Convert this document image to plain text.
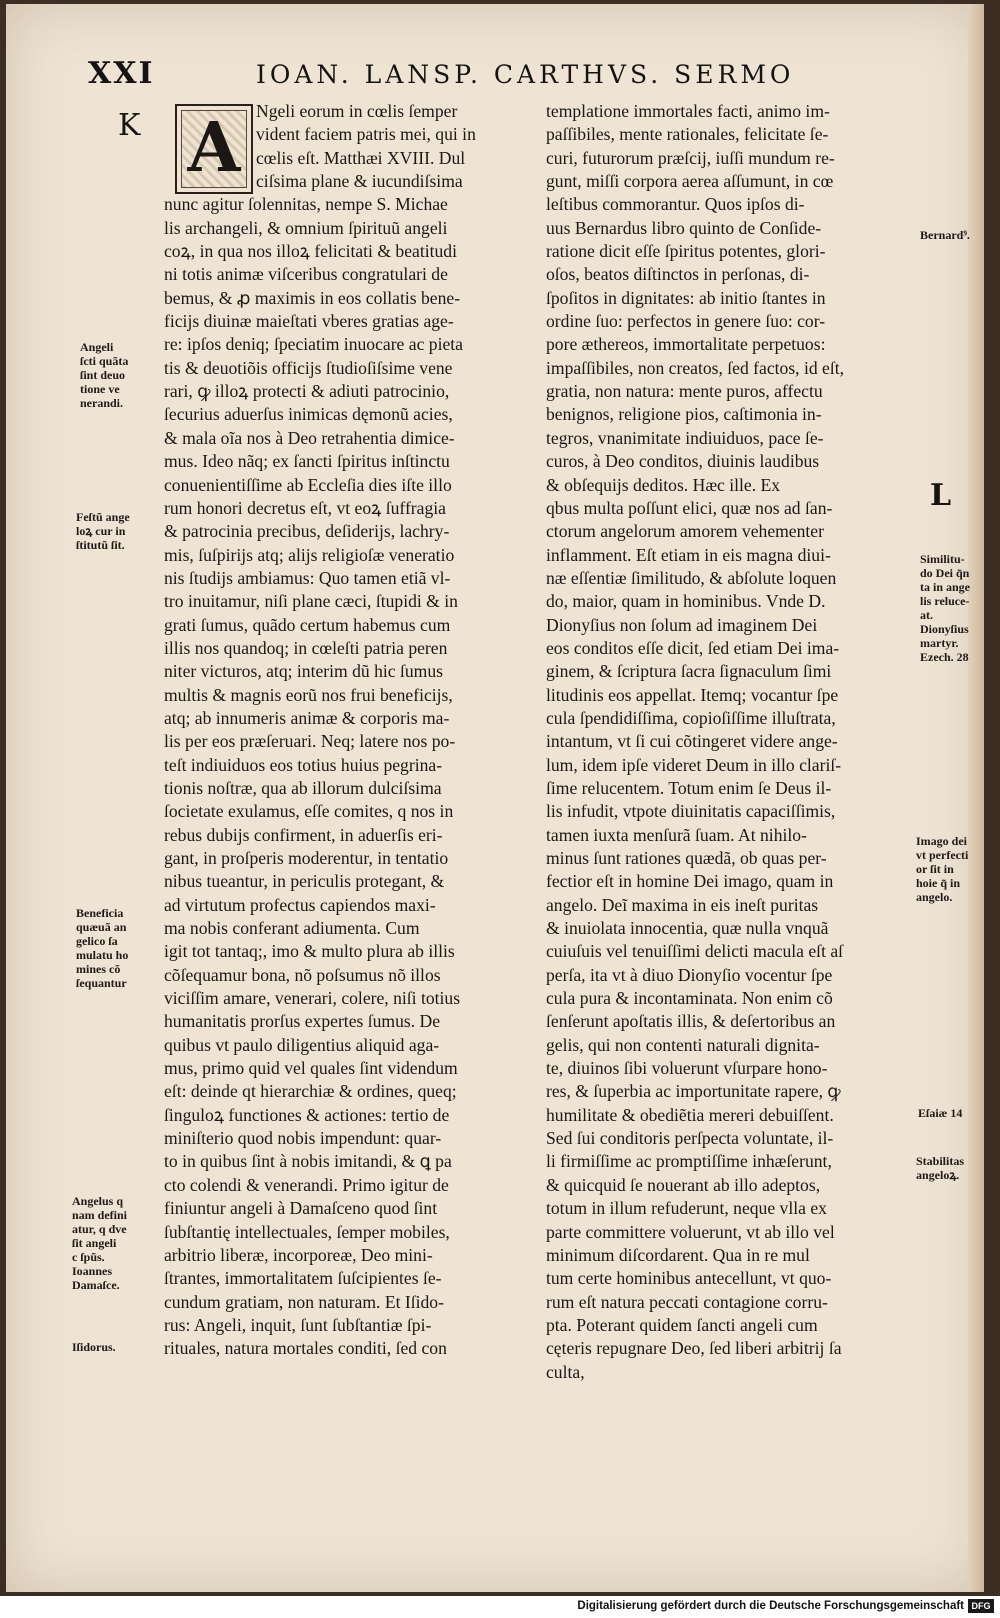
XXI	IOAN. LANSP. CARTHVS. SERMO
K
L
A Ngeli eorum in cœlis ſemper
vident faciem patris mei, qui in
cœlis eſt. Matthæi XVIII. Dul
ciſsima plane & iucundiſsima
nunc agitur ſolennitas, nempe S. Michae
lis archangeli, & omnium ſpirituũ angeli
coꝝ, in qua nos illoꝝ felicitati & beatitudi
ni totis animæ viſceribus congratulari de
bemus, & ꝓ maximis in eos collatis bene-
ficijs diuinæ maieſtati vberes gratias age-
re: ipſos deniq; ſpeciatim inuocare ac pieta
tis & deuotiõis officijs ſtudioſiſsime vene
rari, ꝙ illoꝝ protecti & adiuti patrocinio,
ſecurius aduerſus inimicas dęmonũ acies,
& mala oĩa nos à Deo retrahentia dimice-
mus. Ideo nãq; ex ſancti ſpiritus inſtinctu
conuenientiſſime ab Eccleſia dies iſte illo
rum honori decretus eſt, vt eoꝝ ſuffragia
& patrocinia precibus, deſiderijs, lachry-
mis, ſuſpirijs atq; alijs religioſæ veneratio
nis ſtudijs ambiamus: Quo tamen etiã vl-
tro inuitamur, niſi plane cæci, ſtupidi & in
grati ſumus, quãdo certum habemus cum
illis nos quandoq; in cœleſti patria peren
niter victuros, atq; interim dũ hic ſumus
multis & magnis eorũ nos frui beneficijs,
atq; ab innumeris animæ & corporis ma-
lis per eos præſeruari. Neq; latere nos po-
teſt indiuiduos eos totius huius pegrina-
tionis noſtræ, qua ab illorum dulciſsima
ſocietate exulamus, eſſe comites, q nos in
rebus dubijs confirment, in aduerſis eri-
gant, in proſperis moderentur, in tentatio
nibus tueantur, in periculis protegant, &
ad virtutum profectus capiendos maxi-
ma nobis conferant adiumenta. Cum
igit tot tantaq;, imo & multo plura ab illis
cõſequamur bona, nõ poſsumus nõ illos
viciſſim amare, venerari, colere, niſi totius
humanitatis prorſus expertes ſumus. De
quibus vt paulo diligentius aliquid aga-
mus, primo quid vel quales ſint videndum
eſt: deinde qt hierarchiæ & ordines, queq;
ſinguloꝝ functiones & actiones: tertio de
miniſterio quod nobis impendunt: quar-
to in quibus ſint à nobis imitandi, & ꝗ pa
cto colendi & venerandi. Primo igitur de
finiuntur angeli à Damaſceno quod ſint
ſubſtantię intellectuales, ſemper mobiles,
arbitrio liberæ, incorporeæ, Deo mini-
ſtrantes, immortalitatem ſuſcipientes ſe-
cundum gratiam, non naturam. Et Iſido-
rus: Angeli, inquit, ſunt ſubſtantiæ ſpi-
rituales, natura mortales conditi, ſed con
templatione immortales facti, animo im-
paſſibiles, mente rationales, felicitate ſe-
curi, futurorum præſcij, iuſſi mundum re-
gunt, miſſi corpora aerea aſſumunt, in cœ
leſtibus commorantur. Quos ipſos di-
uus Bernardus libro quinto de Conſide-
ratione dicit eſſe ſpiritus potentes, glori-
oſos, beatos diſtinctos in perſonas, di-
ſpoſitos in dignitates: ab initio ſtantes in
ordine ſuo: perfectos in genere ſuo: cor-
pore æthereos, immortalitate perpetuos:
impaſſibiles, non creatos, ſed factos, id eſt,
gratia, non natura: mente puros, affectu
benignos, religione pios, caſtimonia in-
tegros, vnanimitate indiuiduos, pace ſe-
curos, à Deo conditos, diuinis laudibus
& obſequijs deditos. Hæc ille. Ex
qbus multa poſſunt elici, quæ nos ad ſan-
ctorum angelorum amorem vehementer
inflamment. Eſt etiam in eis magna diui-
næ eſſentiæ ſimilitudo, & abſolute loquen
do, maior, quam in hominibus. Vnde D.
Dionyſius non ſolum ad imaginem Dei
eos conditos eſſe dicit, ſed etiam Dei ima-
ginem, & ſcriptura ſacra ſignaculum ſimi
litudinis eos appellat. Itemq; vocantur ſpe
cula ſpendidiſſima, copioſiſſime illuſtrata,
intantum, vt ſi cui cõtingeret videre ange-
lum, idem ipſe videret Deum in illo clariſ-
ſime relucentem. Totum enim ſe Deus il-
lis infudit, vtpote diuinitatis capaciſſimis,
tamen iuxta menſurã ſuam. At nihilo-
minus ſunt rationes quædã, ob quas per-
fectior eſt in homine Dei imago, quam in
angelo. Deĩ maxima in eis ineſt puritas
& inuiolata innocentia, quæ nulla vnquã
cuiuſuis vel tenuiſſimi delicti macula eſt aſ
perſa, ita vt à diuo Dionyſio vocentur ſpe
cula pura & incontaminata. Non enim cõ
ſenſerunt apoſtatis illis, & deſertoribus an
gelis, qui non contenti naturali dignita-
te, diuinos ſibi voluerunt vſurpare hono-
res, & ſuperbia ac importunitate rapere, ꝙ
humilitate & obediẽtia mereri debuiſſent.
Sed ſui conditoris perſpecta voluntate, il-
li firmiſſime ac promptiſſime inhæſerunt,
& quicquid ſe nouerant ab illo adeptos,
totum in illum refuderunt, neque vlla ex
parte committere voluerunt, vt ab illo vel
minimum diſcordarent. Qua in re mul
tum certe hominibus antecellunt, vt quo-
rum eſt natura peccati contagione corru-
pta. Poterant quidem ſancti angeli cum
cęteris repugnare Deo, ſed liberi arbitrij ſa
culta,
Angeli
ſcti quãta
ſint deuo
tione ve
nerandi.
Feſtũ ange
loꝝ cur in
ſtitutũ ſit.
Beneficia
quæuã an
gelico ſa
mulatu ho
mines cõ
ſequantur
Angelus q
nam defini
atur, q dve
ſit angeli
c ſpũs.
Ioannes
Damaſce.
Iſidorus.
Bernard⁹.
Similitu-
do Dei q̃n
ta in ange
lis reluce-
at.
Dionyſius
martyr.
Ezech. 28
Imago dei
vt perfecti
or ſit in
hoie q̃ in
angelo.
Eſaiæ 14
Stabilitas
angeloꝝ.
Digitalisierung gefördert durch die Deutsche Forschungsgemeinschaft DFG
